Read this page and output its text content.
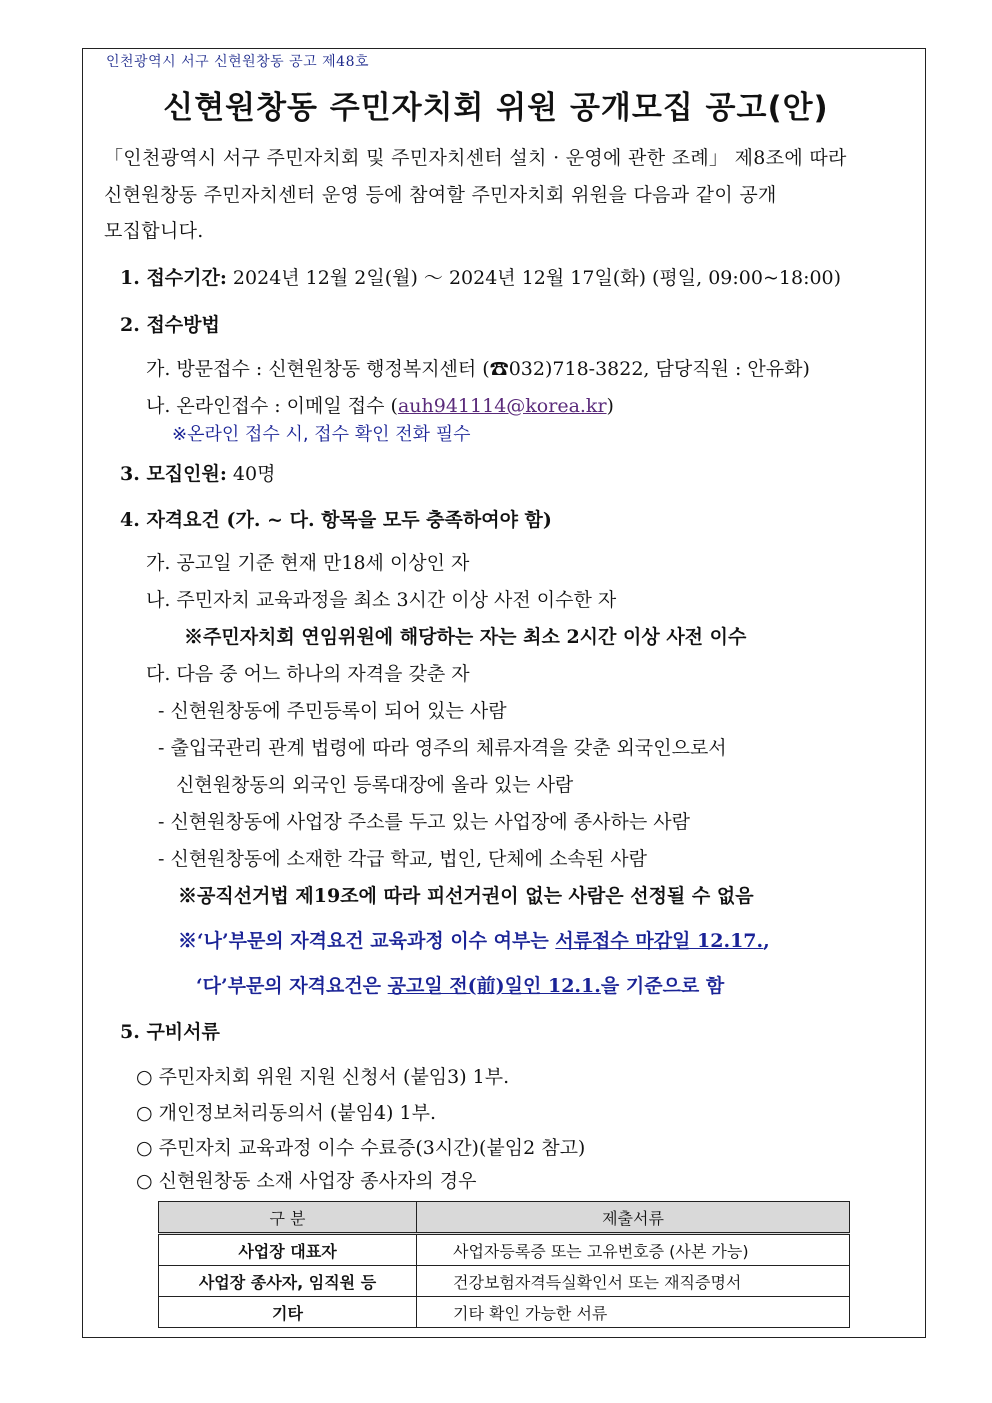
인천광역시 서구 신현원창동 공고 제48호
신현원창동 주민자치회 위원 공개모집 공고(안)
「인천광역시 서구 주민자치회 및 주민자치센터 설치 · 운영에 관한 조례」 제8조에 따라
신현원창동 주민자치센터 운영 등에 참여할 주민자치회 위원을 다음과 같이 공개
모집합니다.
1. 접수기간: 2024년 12월 2일(월) ～ 2024년 12월 17일(화) (평일, 09:00~18:00)
2. 접수방법
가. 방문접수 : 신현원창동 행정복지센터 (☎032)718-3822, 담당직원 : 안유화)
나. 온라인접수 : 이메일 접수 (auh941114@korea.kr)
※온라인 접수 시, 접수 확인 전화 필수
3. 모집인원: 40명
4. 자격요건 (가. ~ 다. 항목을 모두 충족하여야 함)
가. 공고일 기준 현재 만18세 이상인 자
나. 주민자치 교육과정을 최소 3시간 이상 사전 이수한 자
※주민자치회 연임위원에 해당하는 자는 최소 2시간 이상 사전 이수
다. 다음 중 어느 하나의 자격을 갖춘 자
- 신현원창동에 주민등록이 되어 있는 사람
- 출입국관리 관계 법령에 따라 영주의 체류자격을 갖춘 외국인으로서
신현원창동의 외국인 등록대장에 올라 있는 사람
- 신현원창동에 사업장 주소를 두고 있는 사업장에 종사하는 사람
- 신현원창동에 소재한 각급 학교, 법인, 단체에 소속된 사람
※공직선거법 제19조에 따라 피선거권이 없는 사람은 선정될 수 없음
※‘나’부문의 자격요건 교육과정 이수 여부는 서류접수 마감일 12.17.,
‘다’부문의 자격요건은 공고일 전(前)일인 12.1.을 기준으로 함
5. 구비서류
○ 주민자치회 위원 지원 신청서 (붙임3) 1부.
○ 개인정보처리동의서 (붙임4) 1부.
○ 주민자치 교육과정 이수 수료증(3시간)(붙임2 참고)
○ 신현원창동 소재 사업장 종사자의 경우
구 분	제출서류
사업장 대표자	사업자등록증 또는 고유번호증 (사본 가능)
사업장 종사자, 임직원 등	건강보험자격득실확인서 또는 재직증명서
기타	기타 확인 가능한 서류
